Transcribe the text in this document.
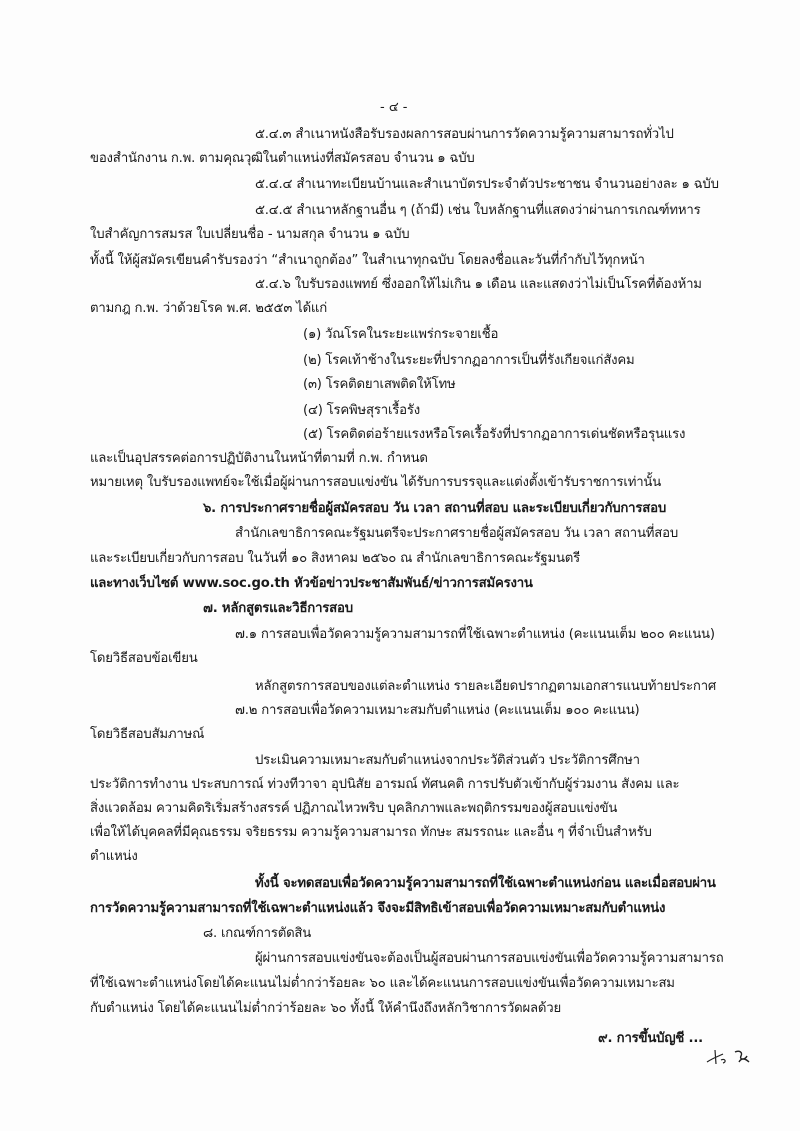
- ๔ -
๕.๔.๓ สำเนาหนังสือรับรองผลการสอบผ่านการวัดความรู้ความสามารถทั่วไป
ของสำนักงาน ก.พ. ตามคุณวุฒิในตำแหน่งที่สมัครสอบ จำนวน ๑ ฉบับ
๕.๔.๔ สำเนาทะเบียนบ้านและสำเนาบัตรประจำตัวประชาชน จำนวนอย่างละ ๑ ฉบับ
๕.๔.๕ สำเนาหลักฐานอื่น ๆ (ถ้ามี) เช่น ใบหลักฐานที่แสดงว่าผ่านการเกณฑ์ทหาร
ใบสำคัญการสมรส ใบเปลี่ยนชื่อ - นามสกุล จำนวน ๑ ฉบับ
ทั้งนี้ ให้ผู้สมัครเขียนคำรับรองว่า “สำเนาถูกต้อง” ในสำเนาทุกฉบับ โดยลงชื่อและวันที่กำกับไว้ทุกหน้า
๕.๔.๖ ใบรับรองแพทย์ ซึ่งออกให้ไม่เกิน ๑ เดือน และแสดงว่าไม่เป็นโรคที่ต้องห้าม
ตามกฎ ก.พ. ว่าด้วยโรค พ.ศ. ๒๕๕๓ ได้แก่
(๑) วัณโรคในระยะแพร่กระจายเชื้อ
(๒) โรคเท้าช้างในระยะที่ปรากฏอาการเป็นที่รังเกียจแก่สังคม
(๓) โรคติดยาเสพติดให้โทษ
(๔) โรคพิษสุราเรื้อรัง
(๕) โรคติดต่อร้ายแรงหรือโรคเรื้อรังที่ปรากฏอาการเด่นชัดหรือรุนแรง
และเป็นอุปสรรคต่อการปฏิบัติงานในหน้าที่ตามที่ ก.พ. กำหนด
หมายเหตุ ใบรับรองแพทย์จะใช้เมื่อผู้ผ่านการสอบแข่งขัน ได้รับการบรรจุและแต่งตั้งเข้ารับราชการเท่านั้น
๖. การประกาศรายชื่อผู้สมัครสอบ วัน เวลา สถานที่สอบ และระเบียบเกี่ยวกับการสอบ
สำนักเลขาธิการคณะรัฐมนตรีจะประกาศรายชื่อผู้สมัครสอบ วัน เวลา สถานที่สอบ
และระเบียบเกี่ยวกับการสอบ ในวันที่ ๑๐ สิงหาคม ๒๕๖๐ ณ สำนักเลขาธิการคณะรัฐมนตรี
และทางเว็บไซต์ www.soc.go.th หัวข้อข่าวประชาสัมพันธ์/ข่าวการสมัครงาน
๗. หลักสูตรและวิธีการสอบ
๗.๑ การสอบเพื่อวัดความรู้ความสามารถที่ใช้เฉพาะตำแหน่ง (คะแนนเต็ม ๒๐๐ คะแนน)
โดยวิธีสอบข้อเขียน
หลักสูตรการสอบของแต่ละตำแหน่ง รายละเอียดปรากฏตามเอกสารแนบท้ายประกาศ
๗.๒ การสอบเพื่อวัดความเหมาะสมกับตำแหน่ง (คะแนนเต็ม ๑๐๐ คะแนน)
โดยวิธีสอบสัมภาษณ์
ประเมินความเหมาะสมกับตำแหน่งจากประวัติส่วนตัว ประวัติการศึกษา
ประวัติการทำงาน ประสบการณ์ ท่วงทีวาจา อุปนิสัย อารมณ์ ทัศนคติ การปรับตัวเข้ากับผู้ร่วมงาน สังคม และ
สิ่งแวดล้อม ความคิดริเริ่มสร้างสรรค์ ปฏิภาณไหวพริบ บุคลิกภาพและพฤติกรรมของผู้สอบแข่งขัน
เพื่อให้ได้บุคคลที่มีคุณธรรม จริยธรรม ความรู้ความสามารถ ทักษะ สมรรถนะ และอื่น ๆ ที่จำเป็นสำหรับ
ตำแหน่ง
ทั้งนี้ จะทดสอบเพื่อวัดความรู้ความสามารถที่ใช้เฉพาะตำแหน่งก่อน และเมื่อสอบผ่าน
การวัดความรู้ความสามารถที่ใช้เฉพาะตำแหน่งแล้ว จึงจะมีสิทธิเข้าสอบเพื่อวัดความเหมาะสมกับตำแหน่ง
๘. เกณฑ์การตัดสิน
ผู้ผ่านการสอบแข่งขันจะต้องเป็นผู้สอบผ่านการสอบแข่งขันเพื่อวัดความรู้ความสามารถ
ที่ใช้เฉพาะตำแหน่งโดยได้คะแนนไม่ต่ำกว่าร้อยละ ๖๐ และได้คะแนนการสอบแข่งขันเพื่อวัดความเหมาะสม
กับตำแหน่ง โดยได้คะแนนไม่ต่ำกว่าร้อยละ ๖๐ ทั้งนี้ ให้คำนึงถึงหลักวิชาการวัดผลด้วย
๙. การขึ้นบัญชี ...
